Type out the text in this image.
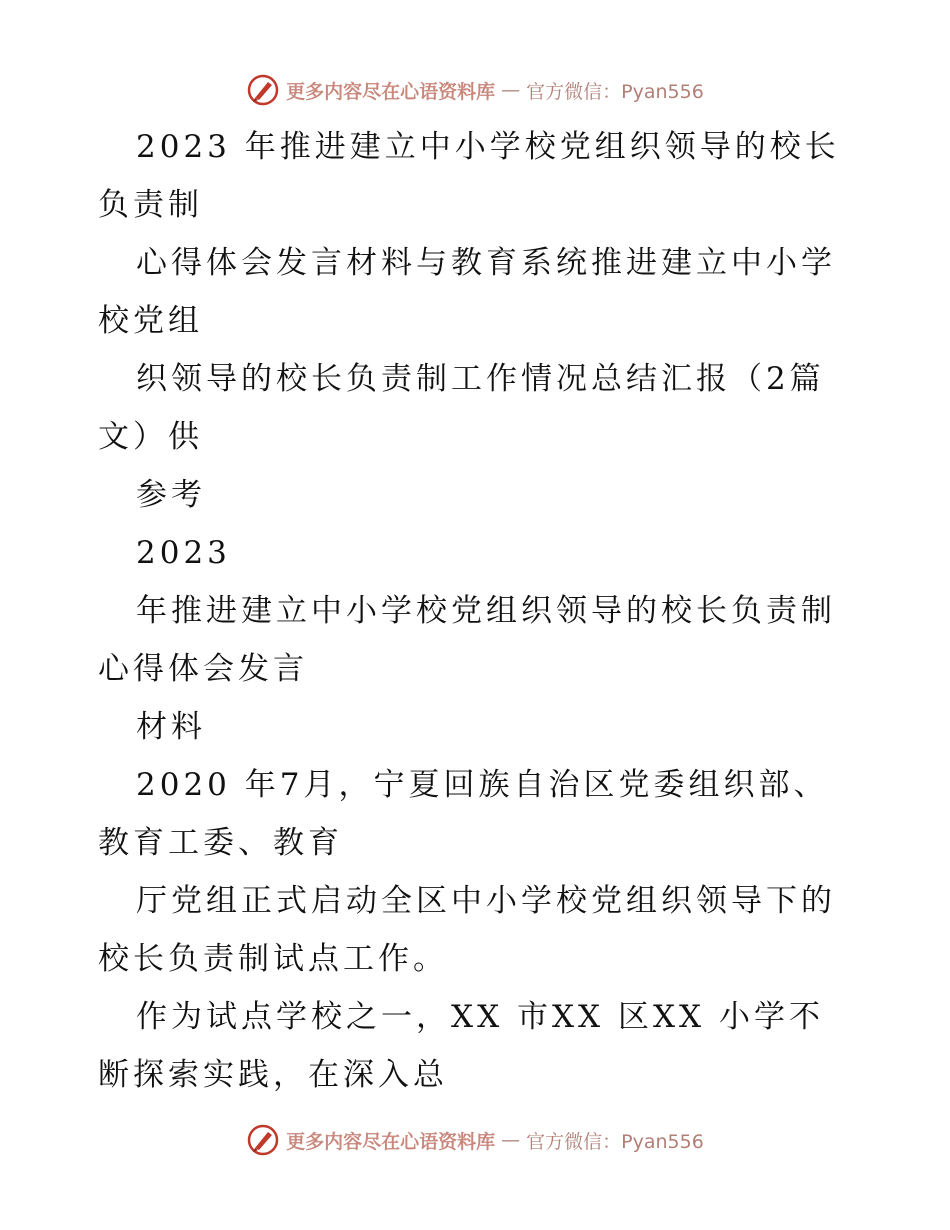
更多内容尽在心语资料库 — 官方微信：Pyan556

2023 年推进建立中小学校党组织领导的校长负责制

心得体会发言材料与教育系统推进建立中小学校党组

织领导的校长负责制工作情况总结汇报（2篇文）供

参考

2023

年推进建立中小学校党组织领导的校长负责制心得体会发言

材料

2020 年7月，宁夏回族自治区党委组织部、教育工委、教育

厅党组正式启动全区中小学校党组织领导下的校长负责制试点工作。

作为试点学校之一，XX 市XX 区XX 小学不断探索实践，在深入总

更多内容尽在心语资料库 — 官方微信：Pyan556
